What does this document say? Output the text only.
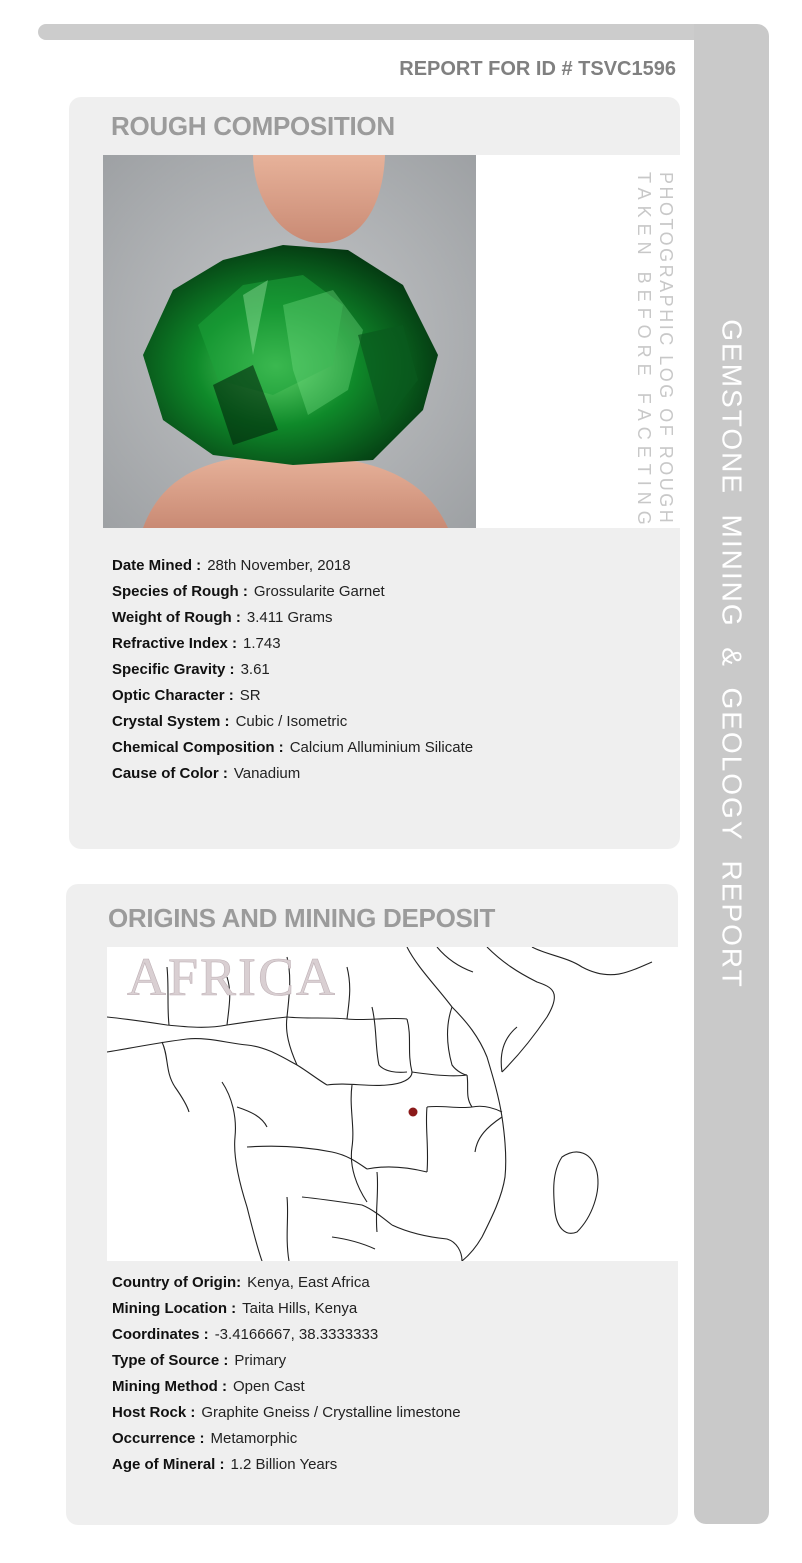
GEMSTONE  MINING  &  GEOLOGY  REPORT
REPORT FOR ID # TSVC1596
ROUGH COMPOSITION
PHOTOGRAPHIC LOG OF ROUGH
TAKEN BEFORE FACETING
Date Mined : 28th November, 2018
Species of Rough : Grossularite Garnet
Weight of Rough : 3.411 Grams
Refractive Index : 1.743
Specific Gravity : 3.61
Optic Character : SR
Crystal System : Cubic / Isometric
Chemical Composition : Calcium Alluminium Silicate
Cause of Color : Vanadium
ORIGINS AND MINING DEPOSIT
AFRICA
Country of Origin: Kenya, East Africa
Mining Location : Taita Hills, Kenya
Coordinates : -3.4166667, 38.3333333
Type of Source : Primary
Mining Method : Open Cast
Host Rock : Graphite Gneiss / Crystalline limestone
Occurrence : Metamorphic
Age of Mineral : 1.2 Billion Years
